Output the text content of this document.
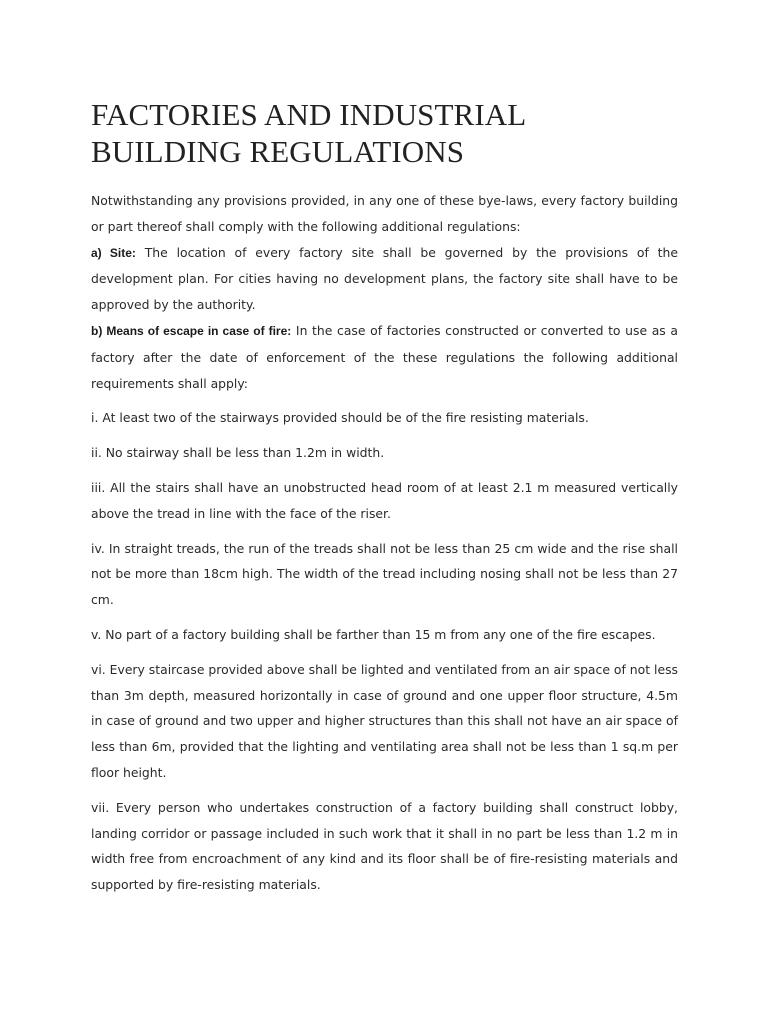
FACTORIES AND INDUSTRIAL
BUILDING REGULATIONS

Notwithstanding any provisions provided, in any one of these bye-laws, every factory building or part thereof shall comply with the following additional regulations:

a) Site: The location of every factory site shall be governed by the provisions of the development plan. For cities having no development plans, the factory site shall have to be approved by the authority.

b) Means of escape in case of fire: In the case of factories constructed or converted to use as a factory after the date of enforcement of the these regulations the following additional requirements shall apply:

i. At least two of the stairways provided should be of the fire resisting materials.

ii. No stairway shall be less than 1.2m in width.

iii. All the stairs shall have an unobstructed head room of at least 2.1 m measured vertically above the tread in line with the face of the riser.

iv. In straight treads, the run of the treads shall not be less than 25 cm wide and the rise shall not be more than 18cm high. The width of the tread including nosing shall not be less than 27 cm.

v. No part of a factory building shall be farther than 15 m from any one of the fire escapes.

vi. Every staircase provided above shall be lighted and ventilated from an air space of not less than 3m depth, measured horizontally in case of ground and one upper floor structure, 4.5m in case of ground and two upper and higher structures than this shall not have an air space of less than 6m, provided that the lighting and ventilating area shall not be less than 1 sq.m per floor height.

vii. Every person who undertakes construction of a factory building shall construct lobby, landing corridor or passage included in such work that it shall in no part be less than 1.2 m in width free from encroachment of any kind and its floor shall be of fire-resisting materials and supported by fire-resisting materials.
